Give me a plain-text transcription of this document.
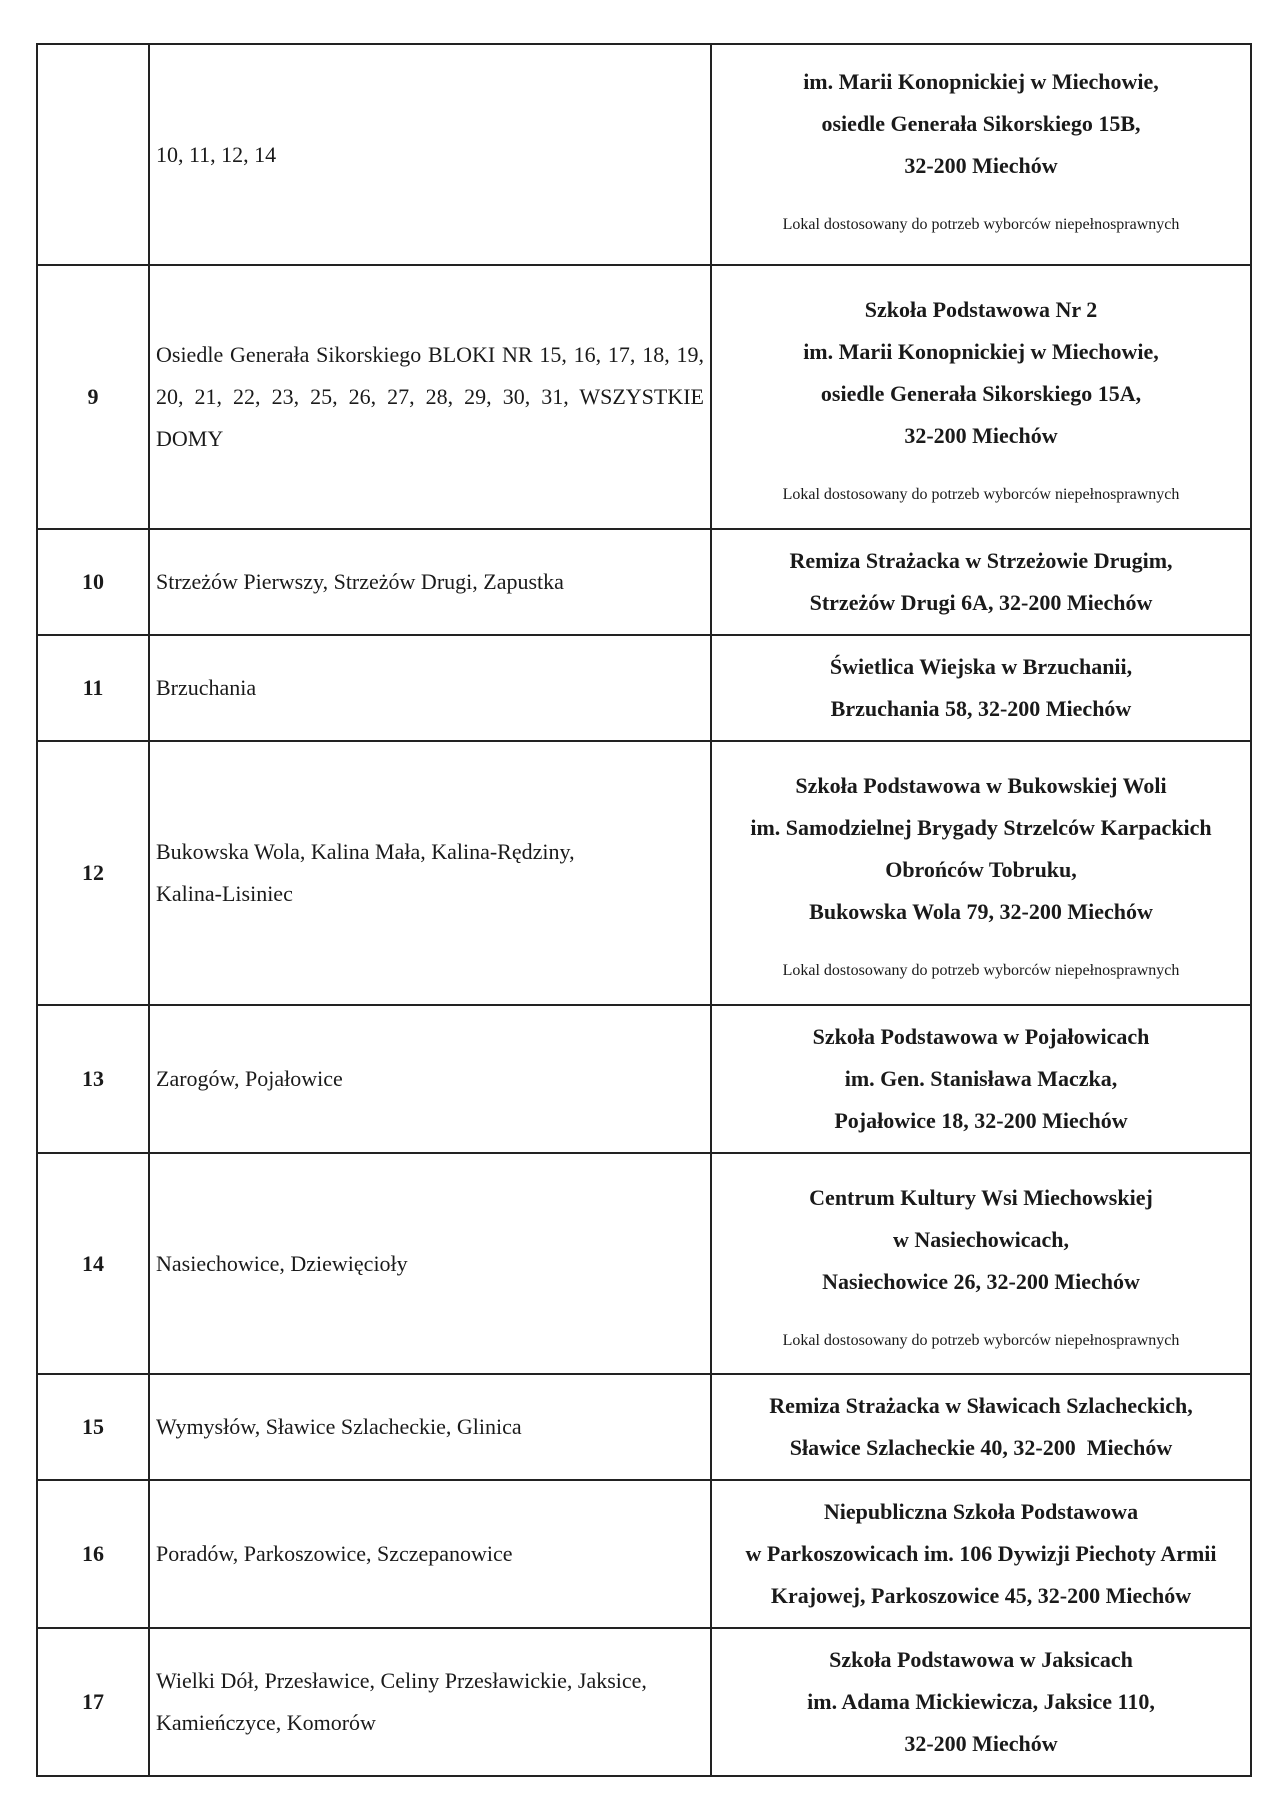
	10, 11, 12, 14	im. Marii Konopnickiej w Miechowie,
osiedle Generała Sikorskiego 15B,
32-200 Miechów
Lokal dostosowany do potrzeb wyborców niepełnosprawnych

9	Osiedle Generała Sikorskiego BLOKI NR 15, 16, 17, 18, 19, 20, 21, 22, 23, 25, 26, 27, 28, 29, 30, 31, WSZYSTKIE DOMY	Szkoła Podstawowa Nr 2
im. Marii Konopnickiej w Miechowie,
osiedle Generała Sikorskiego 15A,
32-200 Miechów
Lokal dostosowany do potrzeb wyborców niepełnosprawnych

10	Strzeżów Pierwszy, Strzeżów Drugi, Zapustka	Remiza Strażacka w Strzeżowie Drugim,
Strzeżów Drugi 6A, 32-200 Miechów

11	Brzuchania	Świetlica Wiejska w Brzuchanii,
Brzuchania 58, 32-200 Miechów

12	Bukowska Wola, Kalina Mała, Kalina-Rędziny,
Kalina-Lisiniec	Szkoła Podstawowa w Bukowskiej Woli
im. Samodzielnej Brygady Strzelców Karpackich
Obrońców Tobruku,
Bukowska Wola 79, 32-200 Miechów
Lokal dostosowany do potrzeb wyborców niepełnosprawnych

13	Zarogów, Pojałowice	Szkoła Podstawowa w Pojałowicach
im. Gen. Stanisława Maczka,
Pojałowice 18, 32-200 Miechów

14	Nasiechowice, Dziewięcioły	Centrum Kultury Wsi Miechowskiej
w Nasiechowicach,
Nasiechowice 26, 32-200 Miechów
Lokal dostosowany do potrzeb wyborców niepełnosprawnych

15	Wymysłów, Sławice Szlacheckie, Glinica	Remiza Strażacka w Sławicach Szlacheckich,
Sławice Szlacheckie 40, 32-200  Miechów

16	Poradów, Parkoszowice, Szczepanowice	Niepubliczna Szkoła Podstawowa
w Parkoszowicach im. 106 Dywizji Piechoty Armii
Krajowej, Parkoszowice 45, 32-200 Miechów

17	Wielki Dół, Przesławice, Celiny Przesławickie, Jaksice,
Kamieńczyce, Komorów	Szkoła Podstawowa w Jaksicach
im. Adama Mickiewicza, Jaksice 110,
32-200 Miechów
